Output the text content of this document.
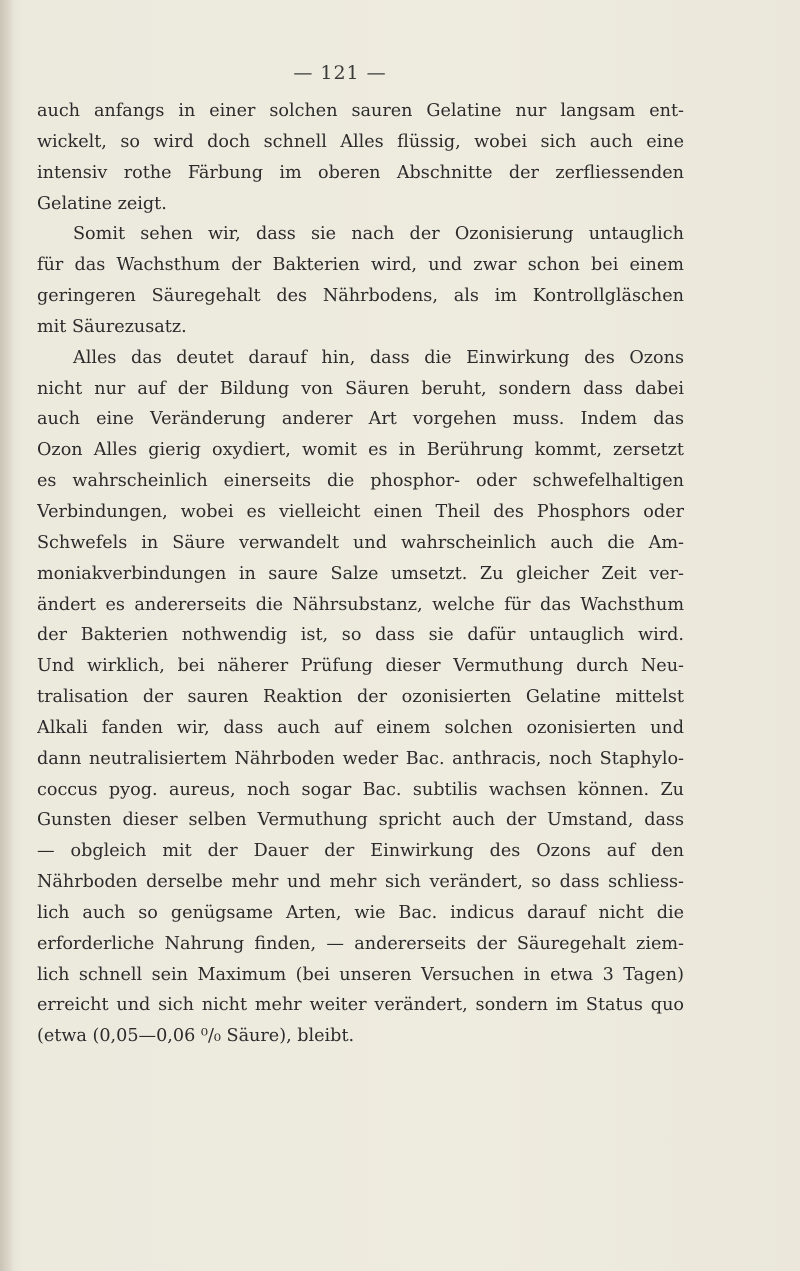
— 121 —
auch anfangs in einer solchen sauren Gelatine nur langsam ent-
wickelt, so wird doch schnell Alles flüssig, wobei sich auch eine
intensiv rothe Färbung im oberen Abschnitte der zerfliessenden
Gelatine zeigt.
Somit sehen wir, dass sie nach der Ozonisierung untauglich
für das Wachsthum der Bakterien wird, und zwar schon bei einem
geringeren Säuregehalt des Nährbodens, als im Kontrollgläschen
mit Säurezusatz.
Alles das deutet darauf hin, dass die Einwirkung des Ozons
nicht nur auf der Bildung von Säuren beruht, sondern dass dabei
auch eine Veränderung anderer Art vorgehen muss. Indem das
Ozon Alles gierig oxydiert, womit es in Berührung kommt, zersetzt
es wahrscheinlich einerseits die phosphor- oder schwefelhaltigen
Verbindungen, wobei es vielleicht einen Theil des Phosphors oder
Schwefels in Säure verwandelt und wahrscheinlich auch die Am-
moniakverbindungen in saure Salze umsetzt. Zu gleicher Zeit ver-
ändert es andererseits die Nährsubstanz, welche für das Wachsthum
der Bakterien nothwendig ist, so dass sie dafür untauglich wird.
Und wirklich, bei näherer Prüfung dieser Vermuthung durch Neu-
tralisation der sauren Reaktion der ozonisierten Gelatine mittelst
Alkali fanden wir, dass auch auf einem solchen ozonisierten und
dann neutralisiertem Nährboden weder Bac. anthracis, noch Staphylo-
coccus pyog. aureus, noch sogar Bac. subtilis wachsen können. Zu
Gunsten dieser selben Vermuthung spricht auch der Umstand, dass
— obgleich mit der Dauer der Einwirkung des Ozons auf den
Nährboden derselbe mehr und mehr sich verändert, so dass schliess-
lich auch so genügsame Arten, wie Bac. indicus darauf nicht die
erforderliche Nahrung finden, — andererseits der Säuregehalt ziem-
lich schnell sein Maximum (bei unseren Versuchen in etwa 3 Tagen)
erreicht und sich nicht mehr weiter verändert, sondern im Status quo
(etwa (0,05—0,06 ⁰/₀ Säure), bleibt.
